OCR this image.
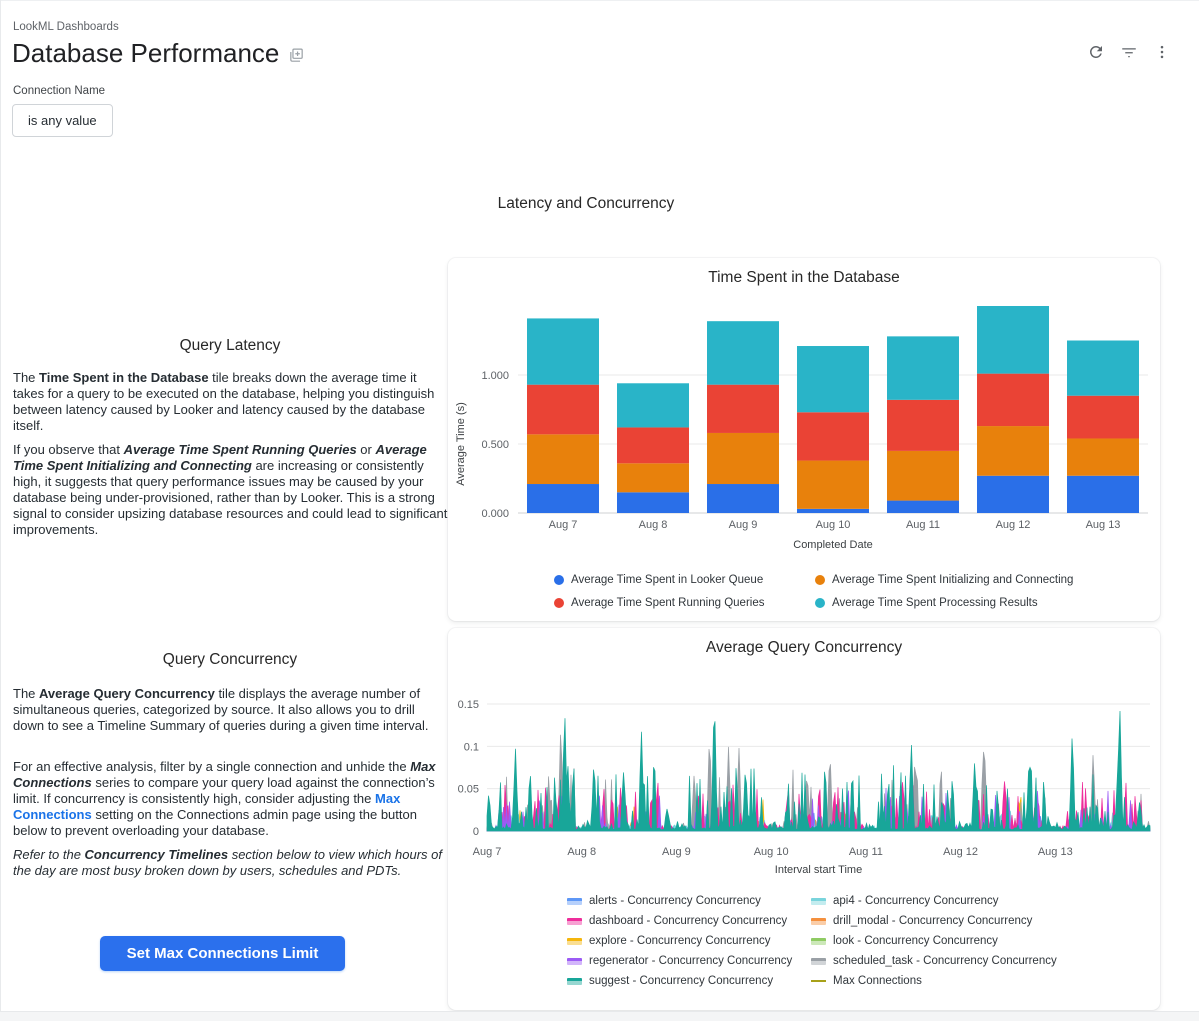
LookML Dashboards
Database Performance
Connection Name
is any value
Latency and Concurrency
Query Latency
The Time Spent in the Database tile breaks down the average time it takes for a query to be executed on the database, helping you distinguish between latency caused by Looker and latency caused by the database itself.
If you observe that Average Time Spent Running Queries or Average Time Spent Initializing and Connecting are increasing or consistently high, it suggests that query performance issues may be caused by your database being under-provisioned, rather than by Looker. This is a strong signal to consider upsizing database resources and could lead to significant improvements.
Query Concurrency
The Average Query Concurrency tile displays the average number of simultaneous queries, categorized by source. It also allows you to drill down to see a Timeline Summary of queries during a given time interval.
For an effective analysis, filter by a single connection and unhide the Max Connections series to compare your query load against the connection’s limit. If concurrency is consistently high, consider adjusting the Max Connections setting on the Connections admin page using the button below to prevent overloading your database.
Refer to the Concurrency Timelines section below to view which hours of the day are most busy broken down by users, schedules and PDTs.
Set Max Connections Limit
Time Spent in the Database
0.000
0.500
1.000
Average Time (s)
Aug 7	Aug 8	Aug 9	Aug 10	Aug 11	Aug 12	Aug 13
Completed Date
Average Time Spent in Looker Queue	Average Time Spent Initializing and Connecting
Average Time Spent Running Queries	Average Time Spent Processing Results
Average Query Concurrency
0
0.05
0.1
0.15
Aug 7	Aug 8	Aug 9	Aug 10	Aug 11	Aug 12	Aug 13
Interval start Time
alerts - Concurrency Concurrency	api4 - Concurrency Concurrency
dashboard - Concurrency Concurrency	drill_modal - Concurrency Concurrency
explore - Concurrency Concurrency	look - Concurrency Concurrency
regenerator - Concurrency Concurrency	scheduled_task - Concurrency Concurrency
suggest - Concurrency Concurrency	Max Connections
